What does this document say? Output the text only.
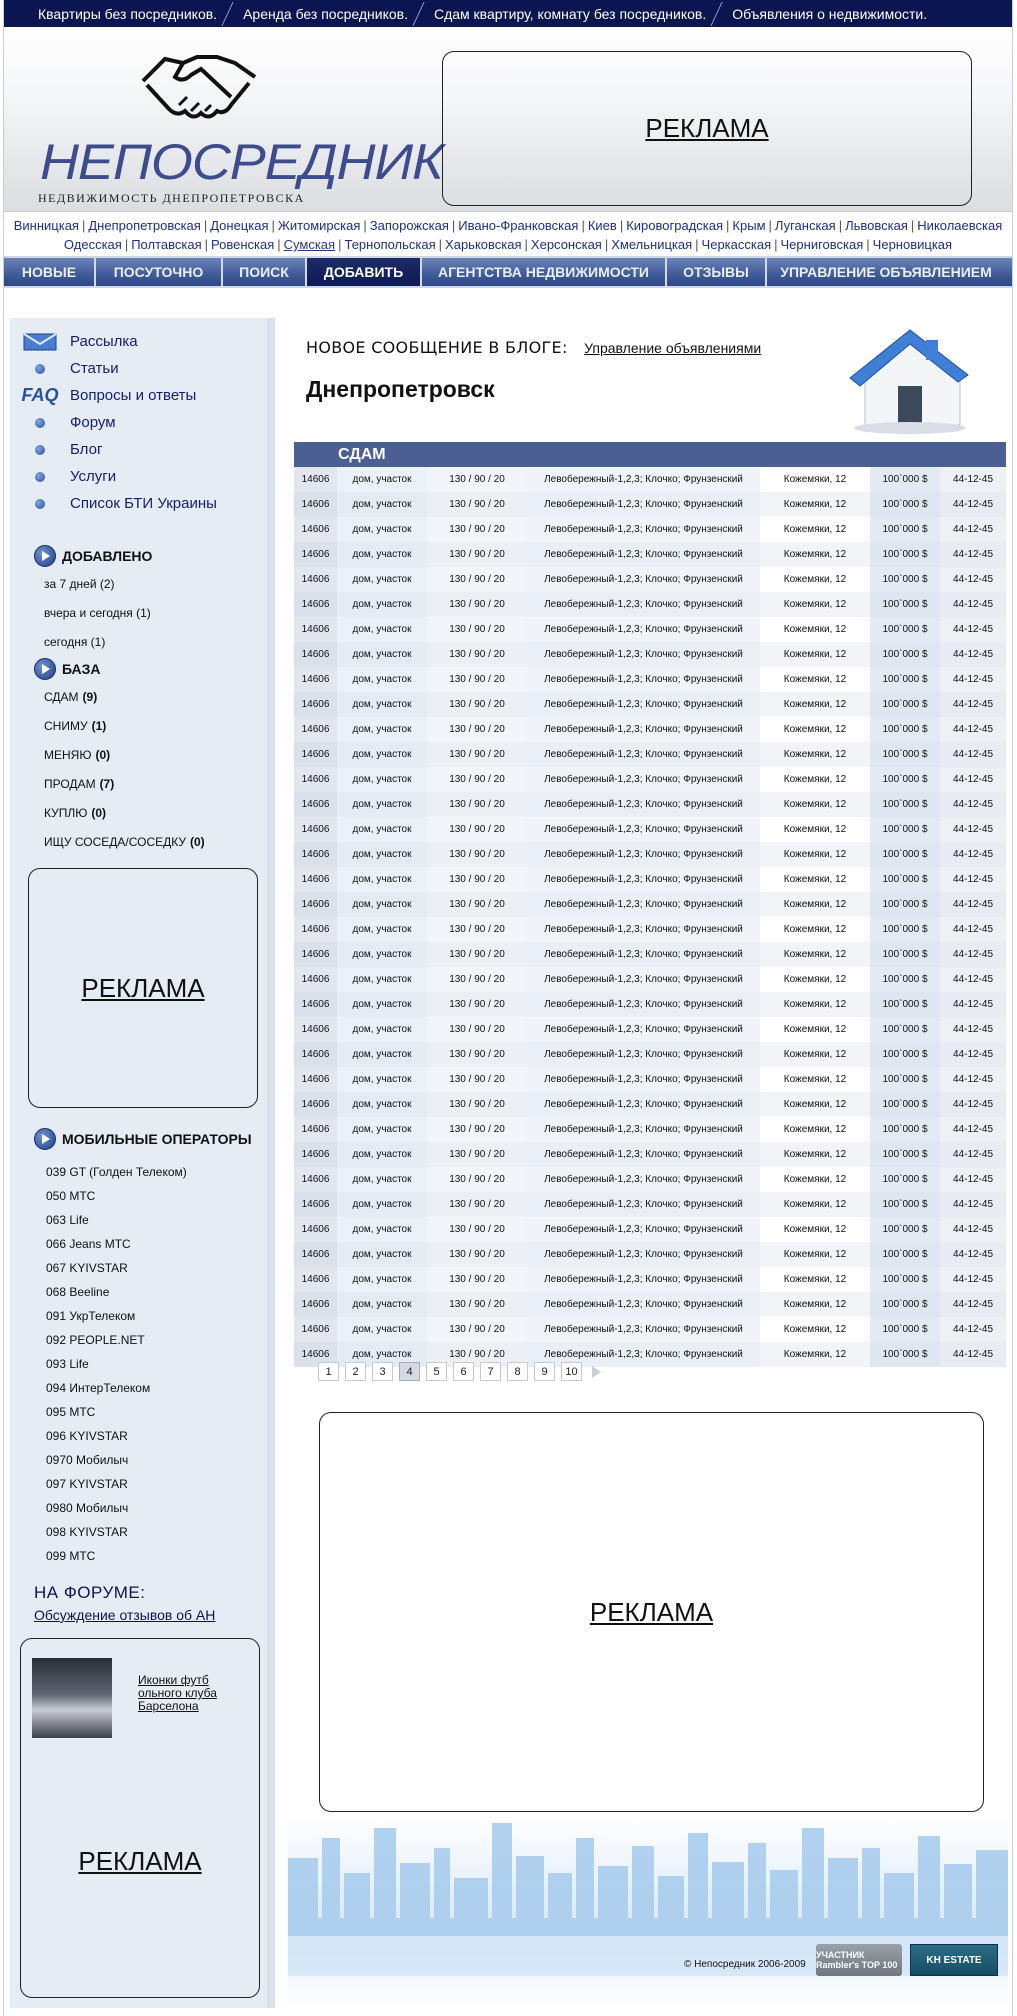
Квартиры без посредников.	Аренда без посредников.	Сдам квартиру, комнату без посредников.	Объявления о недвижимости.
НЕПОСРЕДНИК
НЕДВИЖИМОСТЬ ДНЕПРОПЕТРОВСКА
РЕКЛАМА
Винницкая | Днепропетровская | Донецкая | Житомирская | Запорожская | Ивано-Франковская | Киев | Кировоградская | Крым | Луганская | Львовская | Николаевская
Одесская | Полтавская | Ровенская | Сумская | Тернопольская | Харьковская | Херсонская | Хмельницкая | Черкасская | Черниговская | Черновицкая
НОВЫЕ	ПОСУТОЧНО	ПОИСК	ДОБАВИТЬ	АГЕНТСТВА НЕДВИЖИМОСТИ	ОТЗЫВЫ	УПРАВЛЕНИЕ ОБЪЯВЛЕНИЕМ
Рассылка
Статьи
FAQ Вопросы и ответы
Форум
Блог
Услуги
Список БТИ Украины
ДОБАВЛЕНО
за 7 дней (2)
вчера и сегодня (1)
сегодня (1)
БАЗА
СДАМ (9)
СНИМУ (1)
МЕНЯЮ (0)
ПРОДАМ (7)
КУПЛЮ (0)
ИЩУ СОСЕДА/СОСЕДКУ (0)
РЕКЛАМА
МОБИЛЬНЫЕ ОПЕРАТОРЫ
039 GT (Голден Телеком)
050 МТС
063 Life
066 Jeans МТС
067 KYIVSTAR
068 Beeline
091 УкрТелеком
092 PEOPLE.NET
093 Life
094 ИнтерТелеком
095 МТС
096 KYIVSTAR
0970 Мобилыч
097 KYIVSTAR
0980 Мобилыч
098 KYIVSTAR
099 МТС
НА ФОРУМЕ:
Обсуждение отзывов об АН
РЕКЛАМА
Иконки футб ольного клуба Барселона
НОВОЕ СООБЩЕНИЕ В БЛОГЕ: Управление объявлениями
Днепропетровск
СДАМ
14606	дом, участок	130 / 90 / 20	Левобережный-1,2,3; Клочко; Фрунзенский	Кожемяки, 12	100`000 $	44-12-45
14606	дом, участок	130 / 90 / 20	Левобережный-1,2,3; Клочко; Фрунзенский	Кожемяки, 12	100`000 $	44-12-45
14606	дом, участок	130 / 90 / 20	Левобережный-1,2,3; Клочко; Фрунзенский	Кожемяки, 12	100`000 $	44-12-45
14606	дом, участок	130 / 90 / 20	Левобережный-1,2,3; Клочко; Фрунзенский	Кожемяки, 12	100`000 $	44-12-45
14606	дом, участок	130 / 90 / 20	Левобережный-1,2,3; Клочко; Фрунзенский	Кожемяки, 12	100`000 $	44-12-45
14606	дом, участок	130 / 90 / 20	Левобережный-1,2,3; Клочко; Фрунзенский	Кожемяки, 12	100`000 $	44-12-45
14606	дом, участок	130 / 90 / 20	Левобережный-1,2,3; Клочко; Фрунзенский	Кожемяки, 12	100`000 $	44-12-45
14606	дом, участок	130 / 90 / 20	Левобережный-1,2,3; Клочко; Фрунзенский	Кожемяки, 12	100`000 $	44-12-45
14606	дом, участок	130 / 90 / 20	Левобережный-1,2,3; Клочко; Фрунзенский	Кожемяки, 12	100`000 $	44-12-45
14606	дом, участок	130 / 90 / 20	Левобережный-1,2,3; Клочко; Фрунзенский	Кожемяки, 12	100`000 $	44-12-45
14606	дом, участок	130 / 90 / 20	Левобережный-1,2,3; Клочко; Фрунзенский	Кожемяки, 12	100`000 $	44-12-45
14606	дом, участок	130 / 90 / 20	Левобережный-1,2,3; Клочко; Фрунзенский	Кожемяки, 12	100`000 $	44-12-45
14606	дом, участок	130 / 90 / 20	Левобережный-1,2,3; Клочко; Фрунзенский	Кожемяки, 12	100`000 $	44-12-45
14606	дом, участок	130 / 90 / 20	Левобережный-1,2,3; Клочко; Фрунзенский	Кожемяки, 12	100`000 $	44-12-45
14606	дом, участок	130 / 90 / 20	Левобережный-1,2,3; Клочко; Фрунзенский	Кожемяки, 12	100`000 $	44-12-45
14606	дом, участок	130 / 90 / 20	Левобережный-1,2,3; Клочко; Фрунзенский	Кожемяки, 12	100`000 $	44-12-45
14606	дом, участок	130 / 90 / 20	Левобережный-1,2,3; Клочко; Фрунзенский	Кожемяки, 12	100`000 $	44-12-45
14606	дом, участок	130 / 90 / 20	Левобережный-1,2,3; Клочко; Фрунзенский	Кожемяки, 12	100`000 $	44-12-45
14606	дом, участок	130 / 90 / 20	Левобережный-1,2,3; Клочко; Фрунзенский	Кожемяки, 12	100`000 $	44-12-45
14606	дом, участок	130 / 90 / 20	Левобережный-1,2,3; Клочко; Фрунзенский	Кожемяки, 12	100`000 $	44-12-45
14606	дом, участок	130 / 90 / 20	Левобережный-1,2,3; Клочко; Фрунзенский	Кожемяки, 12	100`000 $	44-12-45
14606	дом, участок	130 / 90 / 20	Левобережный-1,2,3; Клочко; Фрунзенский	Кожемяки, 12	100`000 $	44-12-45
14606	дом, участок	130 / 90 / 20	Левобережный-1,2,3; Клочко; Фрунзенский	Кожемяки, 12	100`000 $	44-12-45
14606	дом, участок	130 / 90 / 20	Левобережный-1,2,3; Клочко; Фрунзенский	Кожемяки, 12	100`000 $	44-12-45
14606	дом, участок	130 / 90 / 20	Левобережный-1,2,3; Клочко; Фрунзенский	Кожемяки, 12	100`000 $	44-12-45
14606	дом, участок	130 / 90 / 20	Левобережный-1,2,3; Клочко; Фрунзенский	Кожемяки, 12	100`000 $	44-12-45
14606	дом, участок	130 / 90 / 20	Левобережный-1,2,3; Клочко; Фрунзенский	Кожемяки, 12	100`000 $	44-12-45
14606	дом, участок	130 / 90 / 20	Левобережный-1,2,3; Клочко; Фрунзенский	Кожемяки, 12	100`000 $	44-12-45
14606	дом, участок	130 / 90 / 20	Левобережный-1,2,3; Клочко; Фрунзенский	Кожемяки, 12	100`000 $	44-12-45
14606	дом, участок	130 / 90 / 20	Левобережный-1,2,3; Клочко; Фрунзенский	Кожемяки, 12	100`000 $	44-12-45
14606	дом, участок	130 / 90 / 20	Левобережный-1,2,3; Клочко; Фрунзенский	Кожемяки, 12	100`000 $	44-12-45
14606	дом, участок	130 / 90 / 20	Левобережный-1,2,3; Клочко; Фрунзенский	Кожемяки, 12	100`000 $	44-12-45
14606	дом, участок	130 / 90 / 20	Левобережный-1,2,3; Клочко; Фрунзенский	Кожемяки, 12	100`000 $	44-12-45
14606	дом, участок	130 / 90 / 20	Левобережный-1,2,3; Клочко; Фрунзенский	Кожемяки, 12	100`000 $	44-12-45
14606	дом, участок	130 / 90 / 20	Левобережный-1,2,3; Клочко; Фрунзенский	Кожемяки, 12	100`000 $	44-12-45
14606	дом, участок	130 / 90 / 20	Левобережный-1,2,3; Клочко; Фрунзенский	Кожемяки, 12	100`000 $	44-12-45
1	2	3	4	5	6	7	8	9	10
РЕКЛАМА
© Непосредник 2006-2009
УЧАСТНИК Rambler's TOP 100	KH ESTATE
